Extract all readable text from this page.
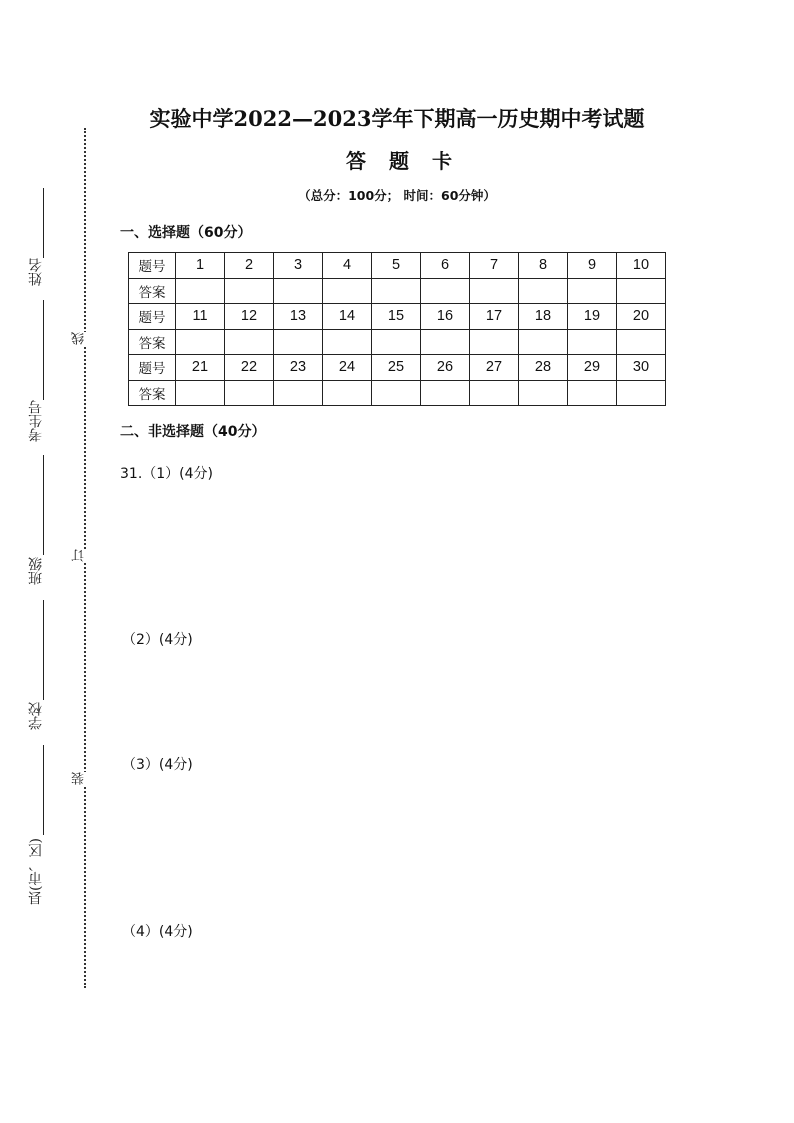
姓名
考生号
班级
学校
县(市、区)
线
订
装
实验中学2022—2023学年下期高一历史期中考试题
答 题 卡
（总分：100分； 时间：60分钟）
一、选择题（60分）
题号	1	2	3	4	5	6	7	8	9	10
答案										
题号	11	12	13	14	15	16	17	18	19	20
答案										
题号	21	22	23	24	25	26	27	28	29	30
答案										
二、非选择题（40分）
31.（1）(4分)
（2）(4分)
（3）(4分)
（4）(4分)
